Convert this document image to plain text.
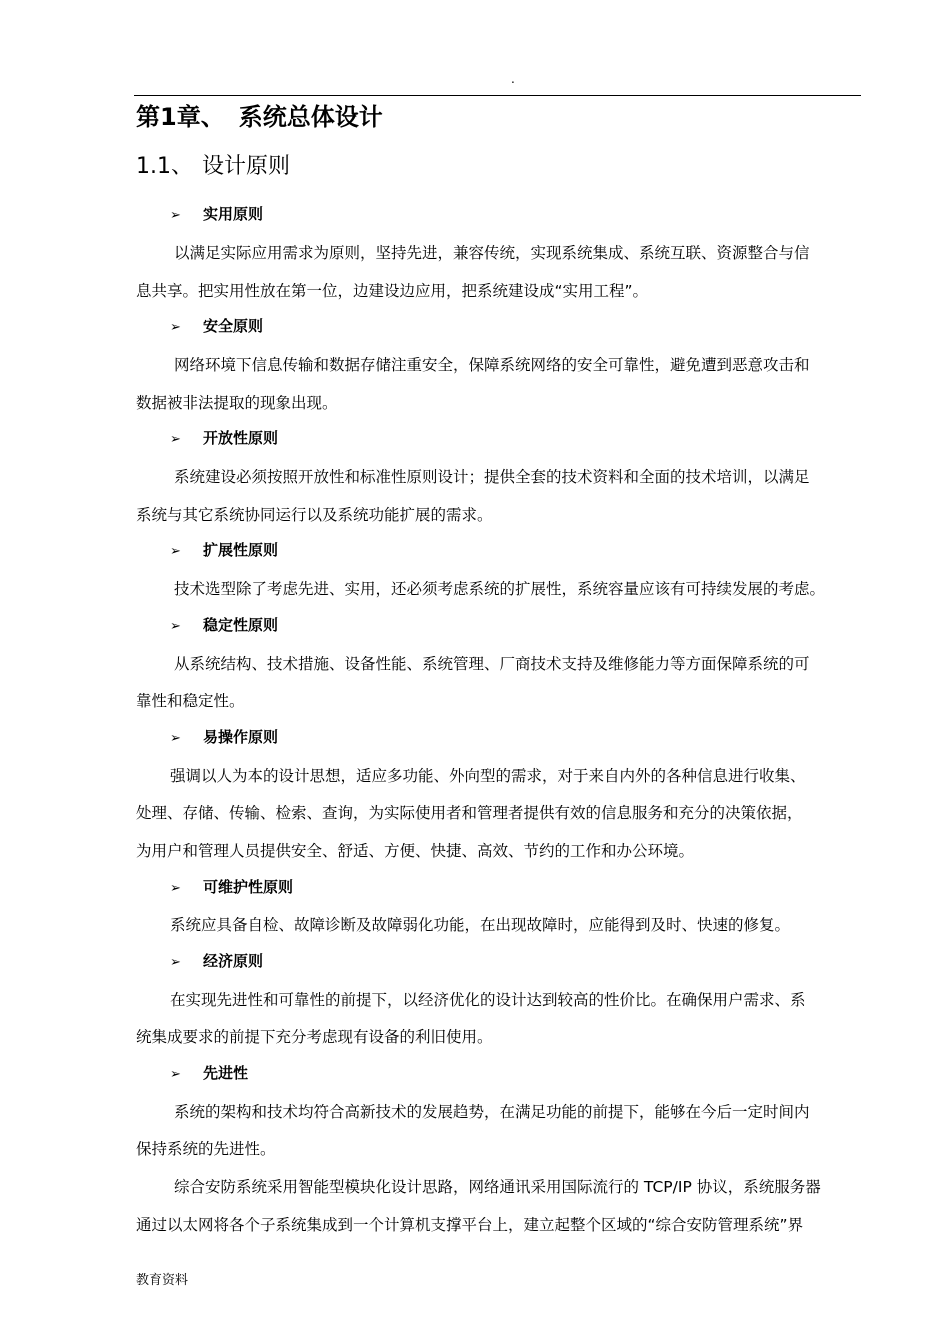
.
第1章、 系统总体设计
1.1、 设计原则
➢ 实用原则
以满足实际应用需求为原则，坚持先进，兼容传统，实现系统集成、系统互联、资源整合与信
息共享。把实用性放在第一位，边建设边应用，把系统建设成“实用工程”。
➢ 安全原则
网络环境下信息传输和数据存储注重安全，保障系统网络的安全可靠性，避免遭到恶意攻击和
数据被非法提取的现象出现。
➢ 开放性原则
系统建设必须按照开放性和标准性原则设计；提供全套的技术资料和全面的技术培训，以满足
系统与其它系统协同运行以及系统功能扩展的需求。
➢ 扩展性原则
技术选型除了考虑先进、实用，还必须考虑系统的扩展性，系统容量应该有可持续发展的考虑。
➢ 稳定性原则
从系统结构、技术措施、设备性能、系统管理、厂商技术支持及维修能力等方面保障系统的可
靠性和稳定性。
➢ 易操作原则
强调以人为本的设计思想，适应多功能、外向型的需求，对于来自内外的各种信息进行收集、
处理、存储、传输、检索、查询，为实际使用者和管理者提供有效的信息服务和充分的决策依据，
为用户和管理人员提供安全、舒适、方便、快捷、高效、节约的工作和办公环境。
➢ 可维护性原则
系统应具备自检、故障诊断及故障弱化功能，在出现故障时，应能得到及时、快速的修复。
➢ 经济原则
在实现先进性和可靠性的前提下，以经济优化的设计达到较高的性价比。在确保用户需求、系
统集成要求的前提下充分考虑现有设备的利旧使用。
➢ 先进性
系统的架构和技术均符合高新技术的发展趋势，在满足功能的前提下，能够在今后一定时间内
保持系统的先进性。
综合安防系统采用智能型模块化设计思路，网络通讯采用国际流行的 TCP/IP 协议，系统服务器
通过以太网将各个子系统集成到一个计算机支撑平台上，建立起整个区域的“综合安防管理系统”界
教育资料
